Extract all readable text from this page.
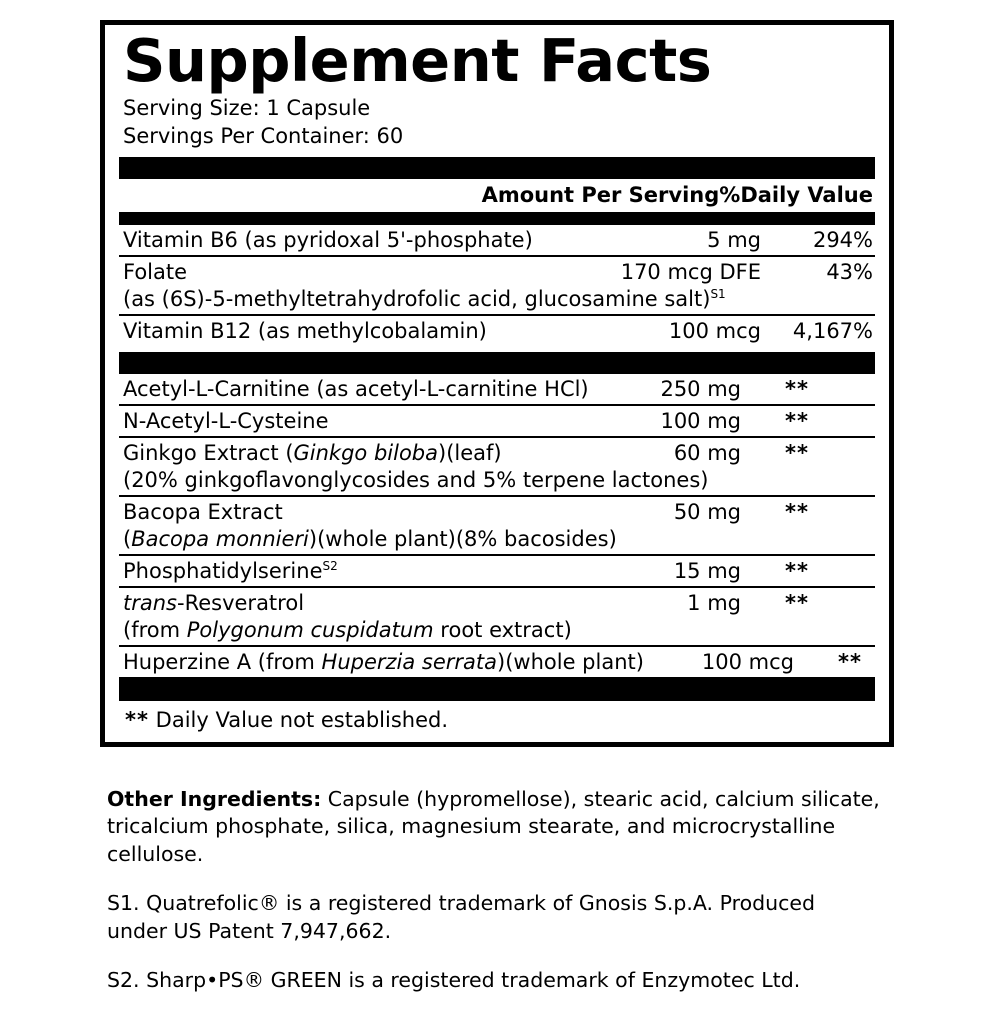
Supplement Facts
Serving Size: 1 Capsule
Servings Per Container: 60
Amount Per Serving %Daily Value
Vitamin B6 (as pyridoxal 5'-phosphate)	5 mg	294%
Folate	170 mcg DFE	43%
(as (6S)-5-methyltetrahydrofolic acid, glucosamine salt)$^{S1}$
Vitamin B12 (as methylcobalamin)	100 mcg	4,167%
Acetyl-L-Carnitine (as acetyl-L-carnitine HCl)	250 mg	**
N-Acetyl-L-Cysteine	100 mg	**
Ginkgo Extract (Ginkgo biloba)(leaf)	60 mg	**
(20% ginkgoflavonglycosides and 5% terpene lactones)
Bacopa Extract	50 mg	**
(Bacopa monnieri)(whole plant)(8% bacosides)
Phosphatidylserine$^{S2}$	15 mg	**
trans-Resveratrol	1 mg	**
(from Polygonum cuspidatum root extract)
Huperzine A (from Huperzia serrata)(whole plant)	100 mcg	**
** Daily Value not established.
Other Ingredients: Capsule (hypromellose), stearic acid, calcium silicate,
tricalcium phosphate, silica, magnesium stearate, and microcrystalline cellulose.
S1. Quatrefolic® is a registered trademark of Gnosis S.p.A. Produced
under US Patent 7,947,662.
S2. Sharp•PS® GREEN is a registered trademark of Enzymotec Ltd.
